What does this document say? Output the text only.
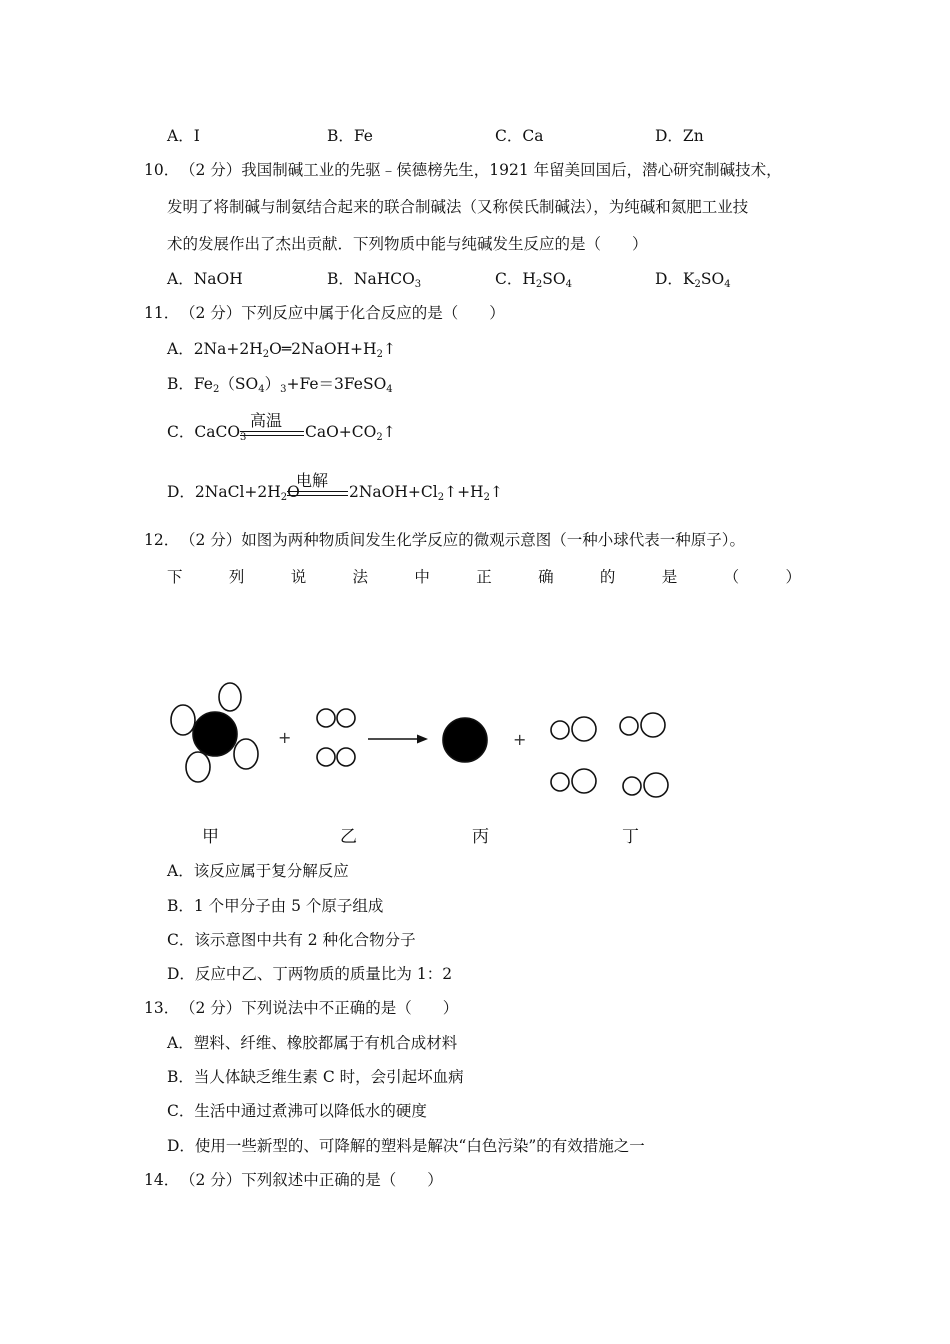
A．I	B．Fe	C．Ca	D．Zn
10． （2 分）我国制碱工业的先驱﹣侯德榜先生，1921 年留美回国后，潜心研究制碱技术，
发明了将制碱与制氨结合起来的联合制碱法（又称侯氏制碱法），为纯碱和氮肥工业技
术的发展作出了杰出贡献．下列物质中能与纯碱发生反应的是（　　）
A．NaOH	B．NaHCO$_3$	C．$H_2SO_4$	D．$K_2SO_4$
11． （2 分）下列反应中属于化合反应的是（　　）
A．$2Na+2H_2O═2NaOH+H_2↑$
B．$Fe_2(SO_4)_3+Fe=3FeSO_4$
C．CaCO$_3$
高温
$CaO+CO_2↑$
D．$2NaCl+2H_2O$
电解
$2NaOH+Cl_2↑+H_2↑$
12． （2 分）如图为两种物质间发生化学反应的微观示意图（一种小球代表一种原子）。
下	列	说	法	中	正	确	的	是	（	）
+	+
甲	乙	丙	丁
A．该反应属于复分解反应
B．1 个甲分子由 5 个原子组成
C．该示意图中共有 2 种化合物分子
D．反应中乙、丁两物质的质量比为 1：2
13． （2 分）下列说法中不正确的是（　　）
A．塑料、纤维、橡胶都属于有机合成材料
B．当人体缺乏维生素 C 时，会引起坏血病
C．生活中通过煮沸可以降低水的硬度
D．使用一些新型的、可降解的塑料是解决“白色污染”的有效措施之一
14． （2 分）下列叙述中正确的是（　　）
